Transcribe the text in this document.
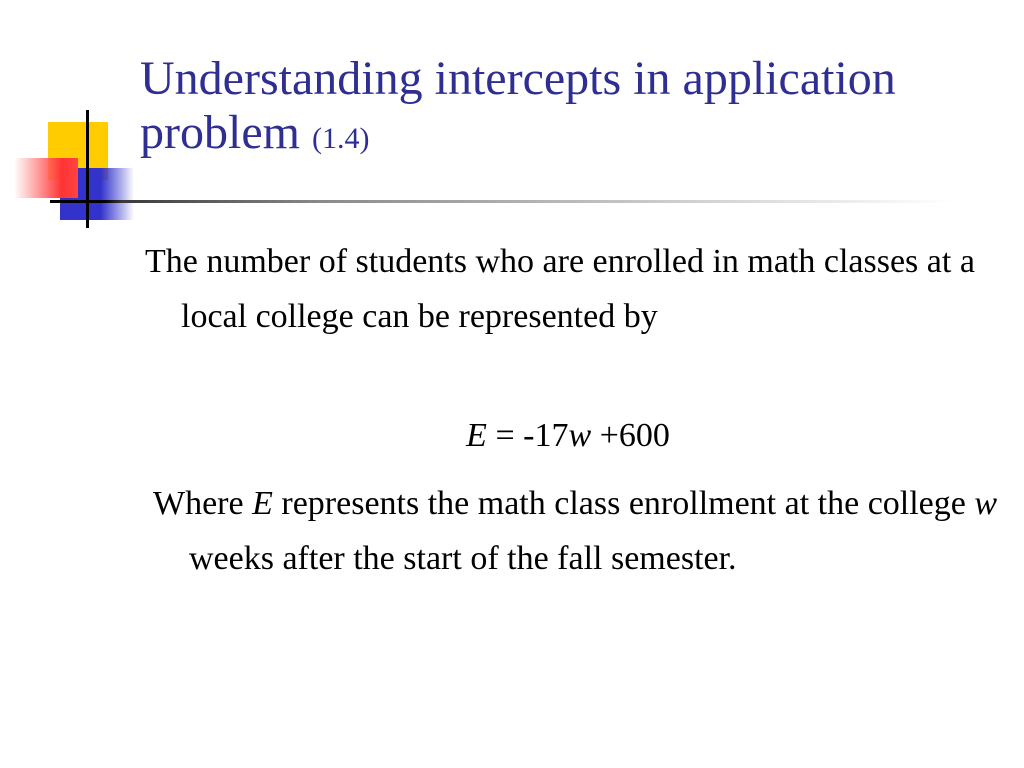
Understanding intercepts in application problem (1.4)

The number of students who are enrolled in math classes at a local college can be represented by

E = -17w +600

Where E represents the math class enrollment at the college w weeks after the start of the fall semester.
